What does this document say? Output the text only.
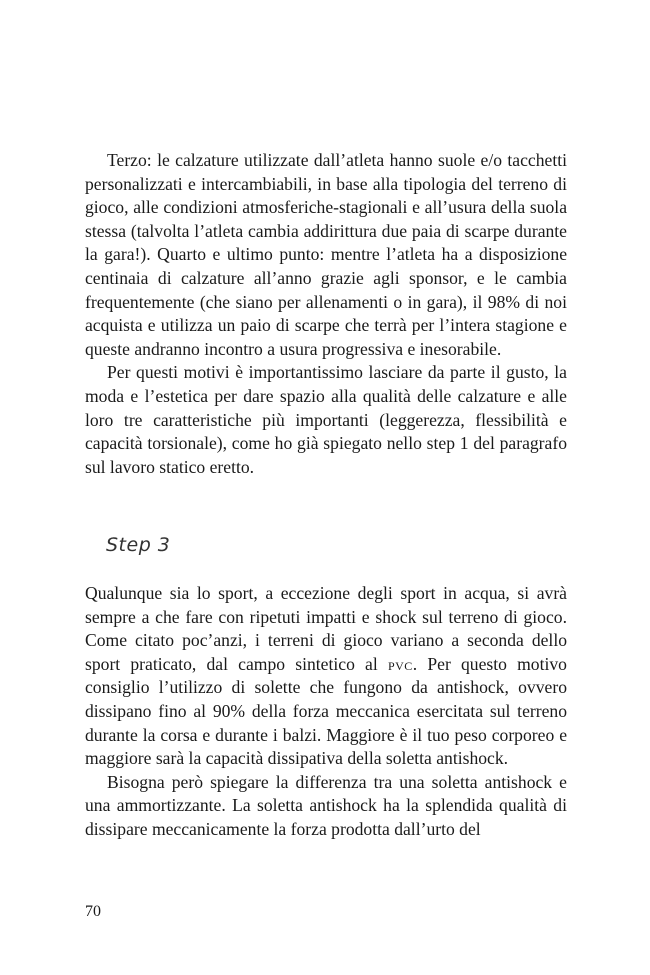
Terzo: le calzature utilizzate dall’atleta hanno suole e/o tacchetti personalizzati e intercambiabili, in base alla tipologia del terreno di gioco, alle condizioni atmosferiche-stagionali e all’usura della suola stessa (talvolta l’atleta cambia addirittura due paia di scarpe durante la gara!). Quarto e ultimo punto: mentre l’atleta ha a disposizione centinaia di calzature all’anno grazie agli sponsor, e le cambia frequentemente (che siano per allenamenti o in gara), il 98% di noi acquista e utilizza un paio di scarpe che terrà per l’intera stagione e queste andranno incontro a usura progressiva e inesorabile.

Per questi motivi è importantissimo lasciare da parte il gusto, la moda e l’estetica per dare spazio alla qualità delle calzature e alle loro tre caratteristiche più importanti (leggerezza, flessibilità e capacità torsionale), come ho già spiegato nello step 1 del paragrafo sul lavoro statico eretto.

Step 3

Qualunque sia lo sport, a eccezione degli sport in acqua, si avrà sempre a che fare con ripetuti impatti e shock sul terreno di gioco. Come citato poc’anzi, i terreni di gioco variano a seconda dello sport praticato, dal campo sintetico al pvc. Per questo motivo consiglio l’utilizzo di solette che fungono da antishock, ovvero dissipano fino al 90% della forza meccanica esercitata sul terreno durante la corsa e durante i balzi. Maggiore è il tuo peso corporeo e maggiore sarà la capacità dissipativa della soletta antishock.

Bisogna però spiegare la differenza tra una soletta antishock e una ammortizzante. La soletta antishock ha la splendida qualità di dissipare meccanicamente la forza prodotta dall’urto del

70
